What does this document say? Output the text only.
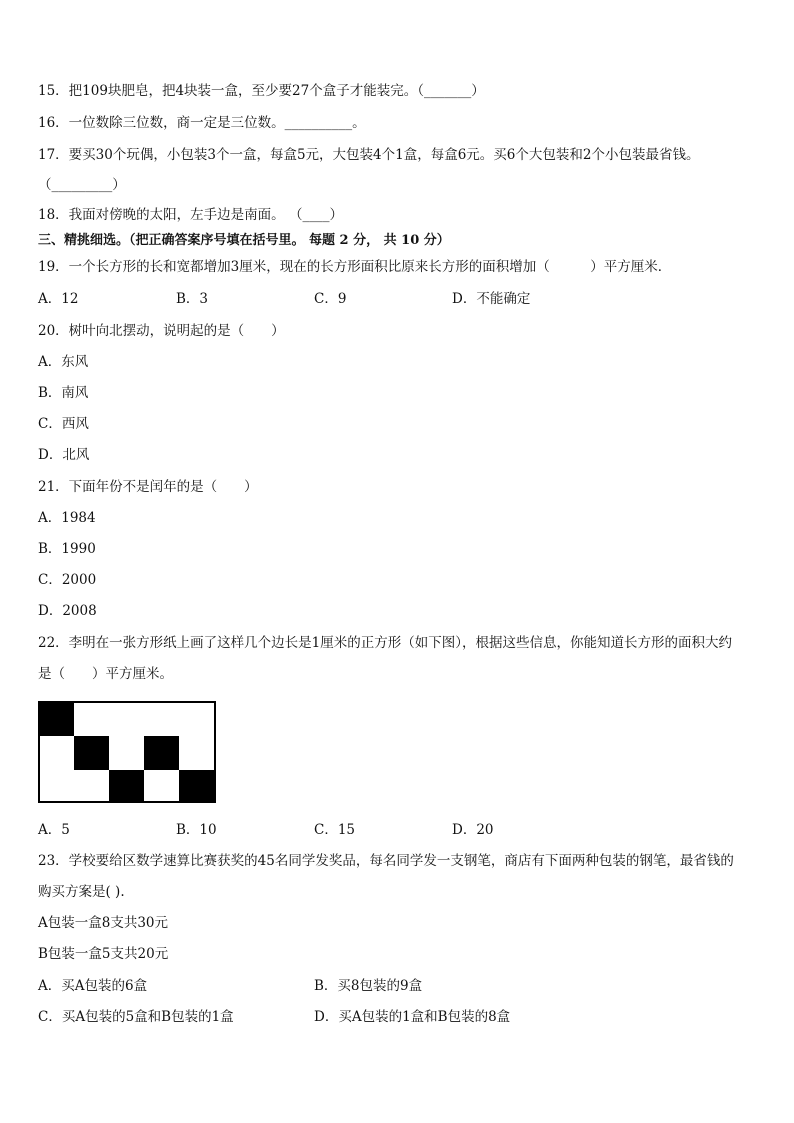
15．把109块肥皂，把4块装一盒，至少要27个盒子才能装完。（_______）
16．一位数除三位数，商一定是三位数。__________。
17．要买30个玩偶，小包装3个一盒，每盒5元，大包装4个1盒，每盒6元。买6个大包装和2个小包装最省钱。
（_________）
18．我面对傍晚的太阳，左手边是南面。 （____）
三、精挑细选。（把正确答案序号填在括号里。 每题 2 分， 共 10 分）
19．一个长方形的长和宽都增加3厘米，现在的长方形面积比原来长方形的面积增加（　　　）平方厘米．
A．12	B．3	C．9	D．不能确定
20．树叶向北摆动，说明起的是（　　）
A．东风
B．南风
C．西风
D．北风
21．下面年份不是闰年的是（　　）
A．1984
B．1990
C．2000
D．2008
22．李明在一张方形纸上画了这样几个边长是1厘米的正方形（如下图），根据这些信息，你能知道长方形的面积大约
是（　　）平方厘米。
A．5	B．10	C．15	D．20
23．学校要给区数学速算比赛获奖的45名同学发奖品，每名同学发一支钢笔，商店有下面两种包装的钢笔，最省钱的
购买方案是( ).
A包装一盒8支共30元
B包装一盒5支共20元
A．买A包装的6盒	B．买8包装的9盒
C．买A包装的5盒和B包装的1盒	D．买A包装的1盒和B包装的8盒
